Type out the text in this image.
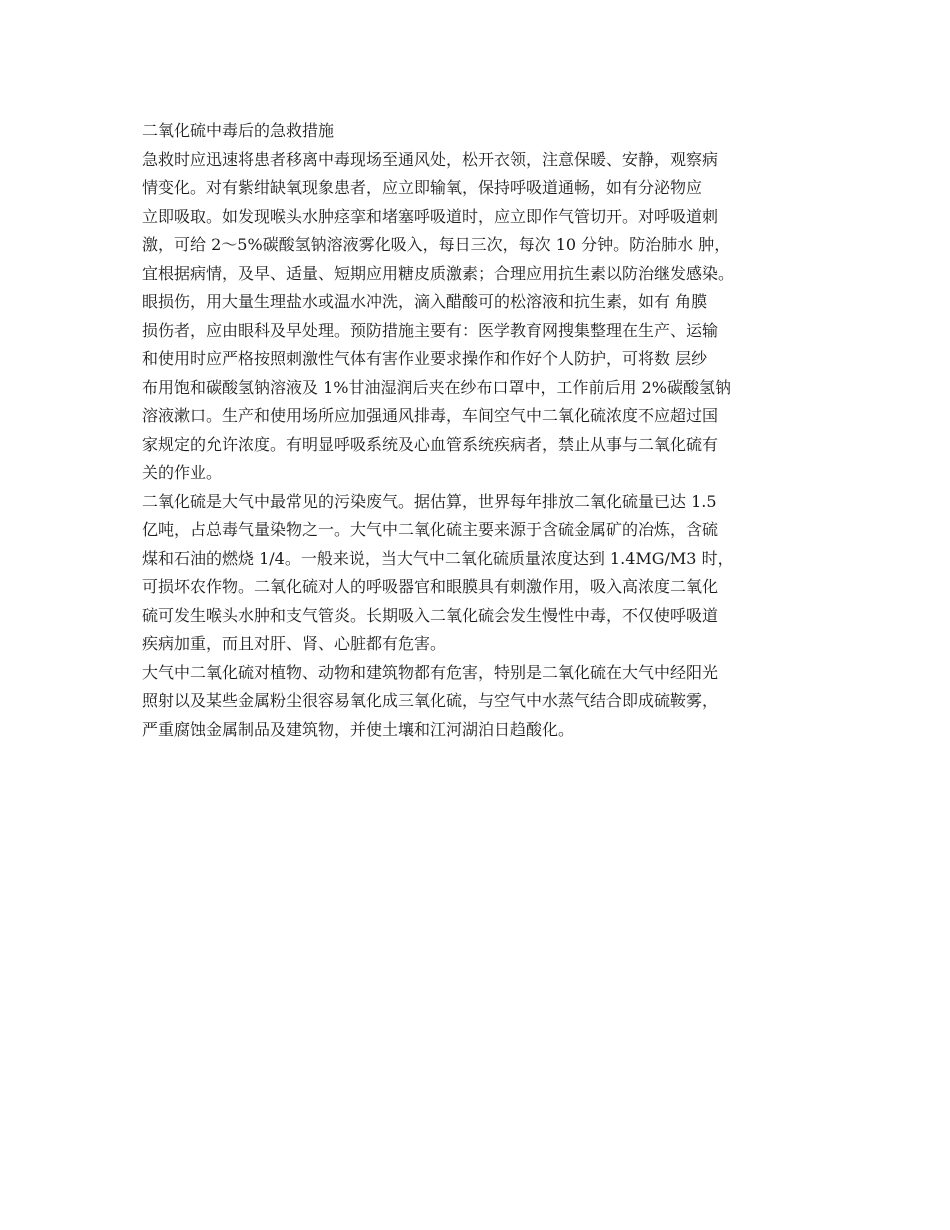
二氧化硫中毒后的急救措施
急救时应迅速将患者移离中毒现场至通风处，松开衣领，注意保暖、安静，观察病
情变化。对有紫绀缺氧现象患者，应立即输氧，保持呼吸道通畅，如有分泌物应
立即吸取。如发现喉头水肿痉挛和堵塞呼吸道时，应立即作气管切开。对呼吸道刺
激，可给 2～5%碳酸氢钠溶液雾化吸入，每日三次，每次 10 分钟。防治肺水 肿，
宜根据病情，及早、适量、短期应用糖皮质激素；合理应用抗生素以防治继发感染。
眼损伤，用大量生理盐水或温水冲洗，滴入醋酸可的松溶液和抗生素，如有 角膜
损伤者，应由眼科及早处理。预防措施主要有：医学教育网搜集整理在生产、运输
和使用时应严格按照刺激性气体有害作业要求操作和作好个人防护，可将数 层纱
布用饱和碳酸氢钠溶液及 1%甘油湿润后夹在纱布口罩中，工作前后用 2%碳酸氢钠
溶液漱口。生产和使用场所应加强通风排毒，车间空气中二氧化硫浓度不应超过国
家规定的允许浓度。有明显呼吸系统及心血管系统疾病者，禁止从事与二氧化硫有
关的作业。
二氧化硫是大气中最常见的污染废气。据估算，世界每年排放二氧化硫量已达 1.5
亿吨，占总毒气量染物之一。大气中二氧化硫主要来源于含硫金属矿的冶炼，含硫
煤和石油的燃烧 1/4。一般来说，当大气中二氧化硫质量浓度达到 1.4MG/M3 时，
可损坏农作物。二氧化硫对人的呼吸器官和眼膜具有刺激作用，吸入高浓度二氧化
硫可发生喉头水肿和支气管炎。长期吸入二氧化硫会发生慢性中毒，不仅使呼吸道
疾病加重，而且对肝、肾、心脏都有危害。
大气中二氧化硫对植物、动物和建筑物都有危害，特别是二氧化硫在大气中经阳光
照射以及某些金属粉尘很容易氧化成三氧化硫，与空气中水蒸气结合即成硫鞍雾，
严重腐蚀金属制品及建筑物，并使土壤和江河湖泊日趋酸化。
